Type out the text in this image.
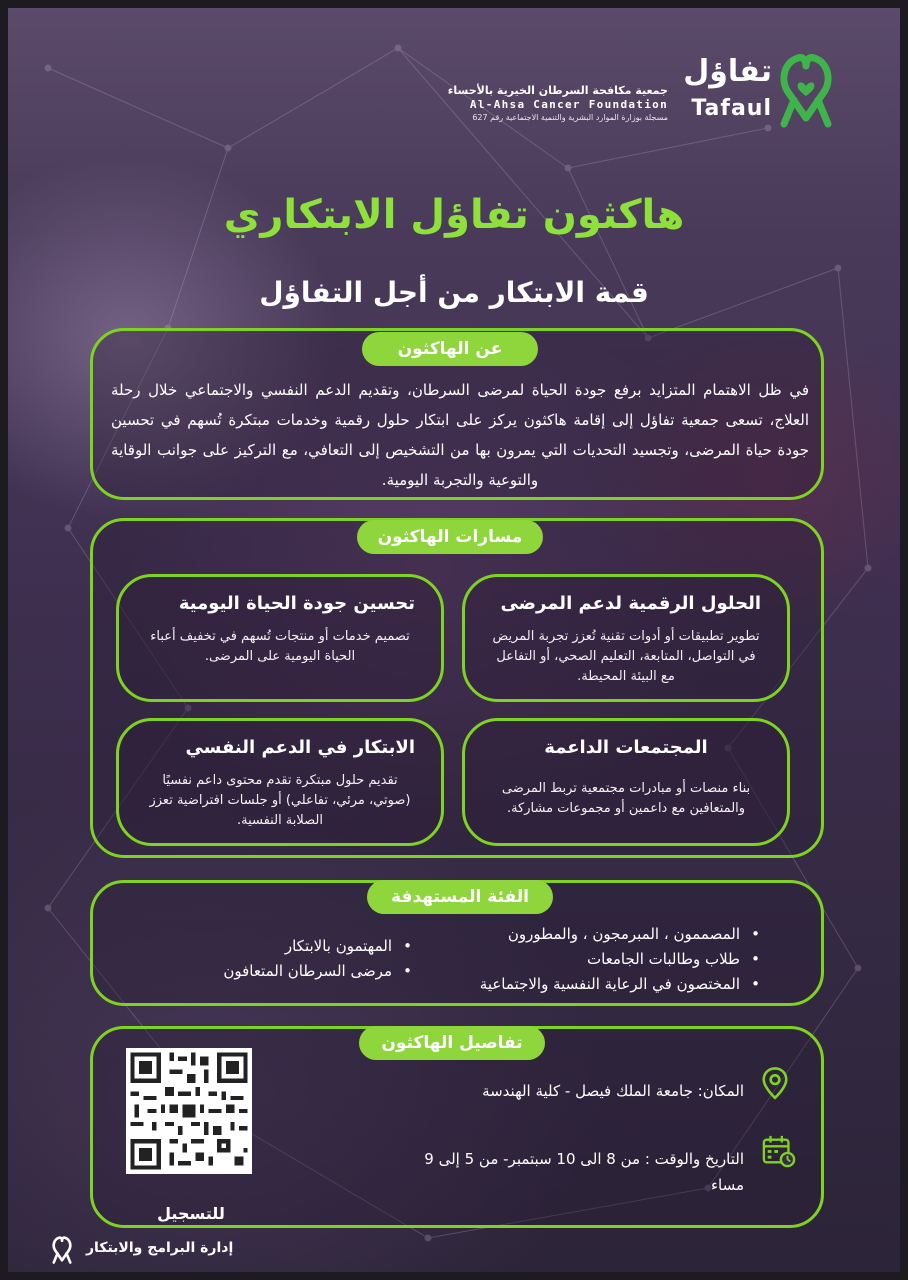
تفاؤل
Tafaul
جمعية مكافحة السرطان الخيرية بالأحساء
Al-Ahsa Cancer Foundation
مسجلة بوزارة الموارد البشرية والتنمية الاجتماعية رقم 627
هاكثون تفاؤل الابتكاري
قمة الابتكار من أجل التفاؤل
في ظل الاهتمام المتزايد برفع جودة الحياة لمرضى السرطان، وتقديم الدعم النفسي والاجتماعي خلال رحلة العلاج، تسعى جمعية تفاؤل إلى إقامة هاكثون يركز على ابتكار حلول رقمية وخدمات مبتكرة تُسهم في تحسين جودة حياة المرضى، وتجسيد التحديات التي يمرون بها من التشخيص إلى التعافي، مع التركيز على جوانب الوقاية والتوعية والتجربة اليومية.
عن الهاكثون
مسارات الهاكثون
الحلول الرقمية لدعم المرضى
تطوير تطبيقات أو أدوات تقنية تُعزز تجربة المريض في التواصل، المتابعة، التعليم الصحي، أو التفاعل مع البيئة المحيطة.
تحسين جودة الحياة اليومية
تصميم خدمات أو منتجات تُسهم في تخفيف أعباء الحياة اليومية على المرضى.
المجتمعات الداعمة
بناء منصات أو مبادرات مجتمعية تربط المرضى والمتعافين مع داعمين أو مجموعات مشاركة.
الابتكار في الدعم النفسي
تقديم حلول مبتكرة تقدم محتوى داعم نفسيًا (صوتي، مرئي، تفاعلي) أو جلسات افتراضية تعزز الصلابة النفسية.
الفئة المستهدفة
• المصممون ، المبرمجون ، والمطورون
• طلاب وطالبات الجامعات
• المختصون في الرعاية النفسية والاجتماعية
• المهتمون بالابتكار
• مرضى السرطان المتعافون
تفاصيل الهاكثون
المكان: جامعة الملك فيصل - كلية الهندسة
التاريخ والوقت : من 8 الى 10 سبتمبر- من 5 إلى 9 مساء
للتسجيل
إدارة البرامج والابتكار
